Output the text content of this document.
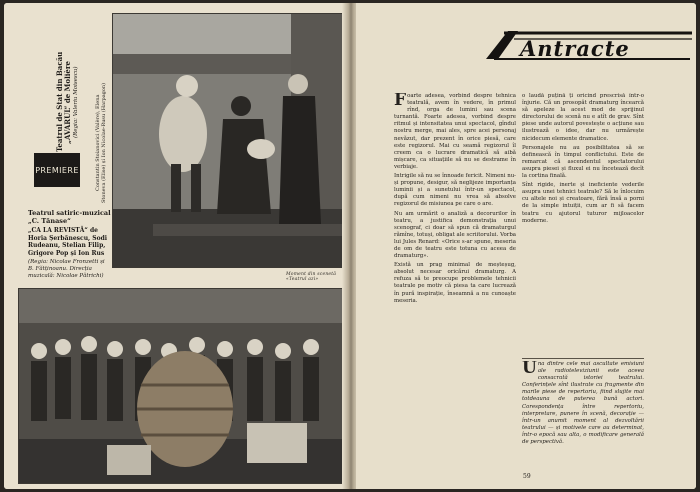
Teatrul de Stat din Bacău
„AVARUL“ de Molière
(Regia: Valeriu Moisescu)	Constantin Stoianovici (Valère), Elena
Stoneva (Elise) și Ion Nicolae-Rusu (Harpagon)
PREMIERE
Teatrul satiric-muzical „C. Tănase“
„CA LA REVISTĂ“ de Horia Șerbănescu, Sodi Rudeanu, Stelian Filip, Grigore Pop și Ion Rus
(Regia: Nicolae Fronzetti și B. Fătținoanu. Direcția muzicală: Nicolae Pătrichi)	Moment din scenetă «Teatrul azi»
Antracte

Foarte adesea, vorbind despre tehnica teatrală, avem în vedere, în primul rînd, orga de lumini sau scena turnantă. Foarte adesea, vorbind despre ritmul și intensitatea unui spectacol, gîndul nostru merge, mai ales, spre acei personaj nevăzut, dar prezent în orice piesă, care este regizorul. Mai cu seamă regizorul îl creem ca o lucrare dramatică să aibă mișcare, ca situațiile să nu se destrame în verbiaje.

Intrigile să nu se înnoade fericit. Nimeni nu-și propune, desigur, să neglijeze importanța luminii și a sunetului într-un spectacol, după cum nimeni nu vrea să absolve regizorul de misiunea pe care o are.

Nu am urmărit o analiză a decorurilor în teatru, a justifica demonstrația unui scenograf, ci doar să spun că dramaturgul rămîne, totuși, obligat ale scriitorului. Vorba lui Jules Renard: «Orice s-ar spune, meseria de om de teatru este totuna cu aceea de dramaturg».

Există un prag minimal de meșteșug, absolut necesar oricărui dramaturg. A refuza să te preocupe problemele tehnicii teatrale pe motiv că piesa ta care lucrează în pură inspirație, înseamnă a nu cunoaște meseria.

o laudă puțină ți oricind prescrisă într-o înjurie. Că un prosopăt dramaturg încearcă să apeleze la acest mod de sprijinul directorului de scenă nu e atît de grav. Sînt piese unde autorul povestește o acțiune sau ilustrează o idee, dar nu urmărește nicidecum elemente dramatice.

Personajele nu au posibilitatea să se definească în timpul conflictului. Este de remarcat că ascendentul spectatorului asupra piesei și fluxul ei nu încetează decît la cortina finală.

Sînt rigide, inerte și ineficiente vederile asupra unei tehnici teatrale? Să le înlocuim cu altele noi și creatoare, fără însă a porni de la simple intuiții, cum ar fi să facem teatru cu ajutorul tuturor mijloacelor moderne.

Una dintre cele mai ascultate emisiuni ale radioteleviziunii este aceea consacrată istoriei teatrului. Conferințele sînt ilustrate cu fragmente din marile piese de repertoriu, fiind slujite mai totdeauna de puterea bună actori. Corespondența între repertoriu, interpretare, punere în scenă, decorație — într-un anumit moment al dezvoltării teatrului — și motivele care au determinat, într-o epocă sau alta, o modificare generală de perspectivă.

59
